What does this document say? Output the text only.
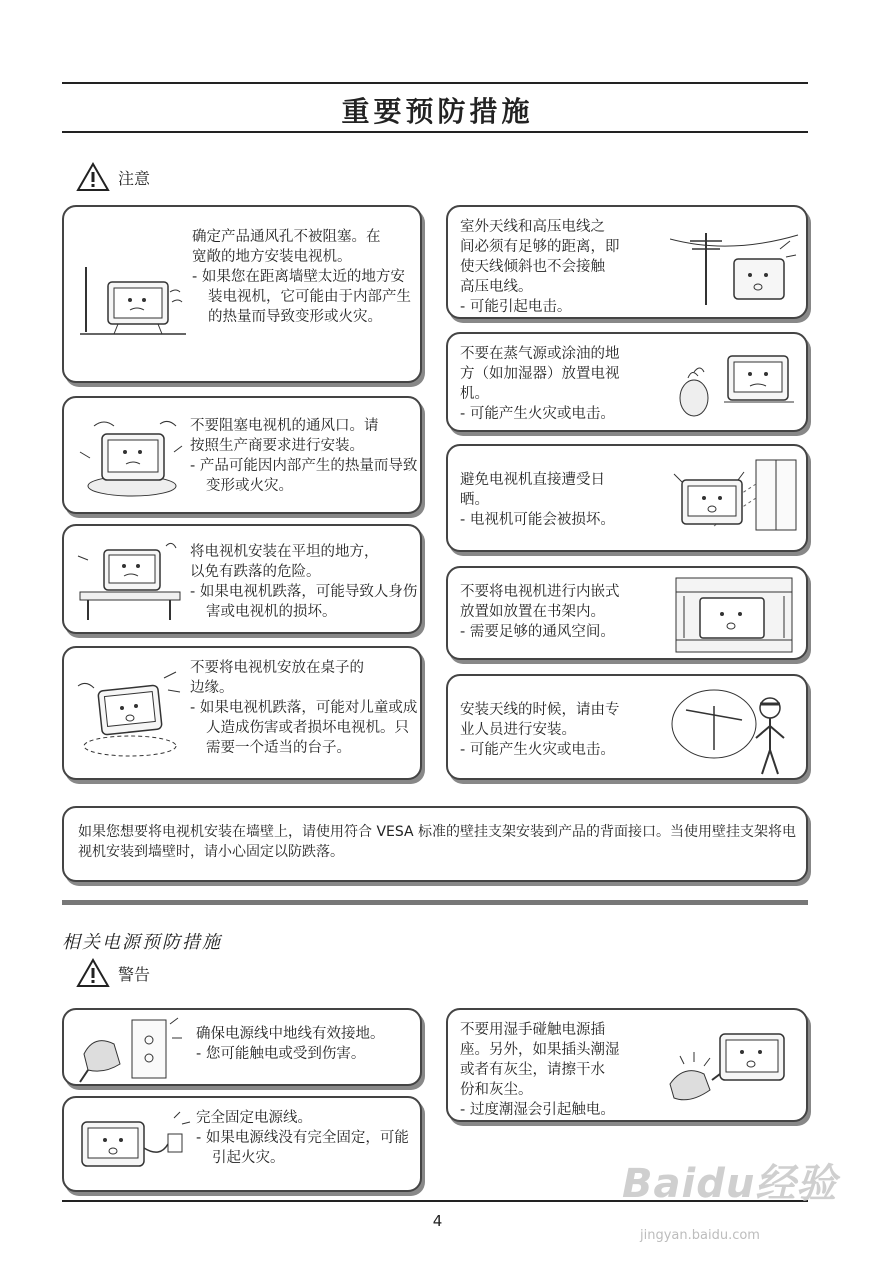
重要预防措施
注意
确定产品通风孔不被阻塞。在
宽敞的地方安装电视机。
- 如果您在距离墙壁太近的地方安装电视机，它可能由于内部产生的热量而导致变形或火灾。
不要阻塞电视机的通风口。请
按照生产商要求进行安装。
- 产品可能因内部产生的热量而导致变形或火灾。
将电视机安装在平坦的地方，
以免有跌落的危险。
- 如果电视机跌落，可能导致人身伤害或电视机的损坏。
不要将电视机安放在桌子的
边缘。
- 如果电视机跌落，可能对儿童或成人造成伤害或者损坏电视机。只需要一个适当的台子。
室外天线和高压电线之
间必须有足够的距离，即
使天线倾斜也不会接触
高压电线。
- 可能引起电击。
不要在蒸气源或涂油的地
方（如加湿器）放置电视
机。
- 可能产生火灾或电击。
避免电视机直接遭受日
晒。
- 电视机可能会被损坏。
不要将电视机进行内嵌式
放置如放置在书架内。
- 需要足够的通风空间。
安装天线的时候，请由专
业人员进行安装。
- 可能产生火灾或电击。
如果您想要将电视机安装在墙壁上，请使用符合 VESA 标准的壁挂支架安装到产品的背面接口。当使用壁挂支架将电视机安装到墙壁时，请小心固定以防跌落。
相关电源预防措施
警告
确保电源线中地线有效接地。
- 您可能触电或受到伤害。
完全固定电源线。
- 如果电源线没有完全固定，可能引起火灾。
不要用湿手碰触电源插
座。另外，如果插头潮湿
或者有灰尘，请擦干水
份和灰尘。
- 过度潮湿会引起触电。
4
Baidu经验
jingyan.baidu.com
